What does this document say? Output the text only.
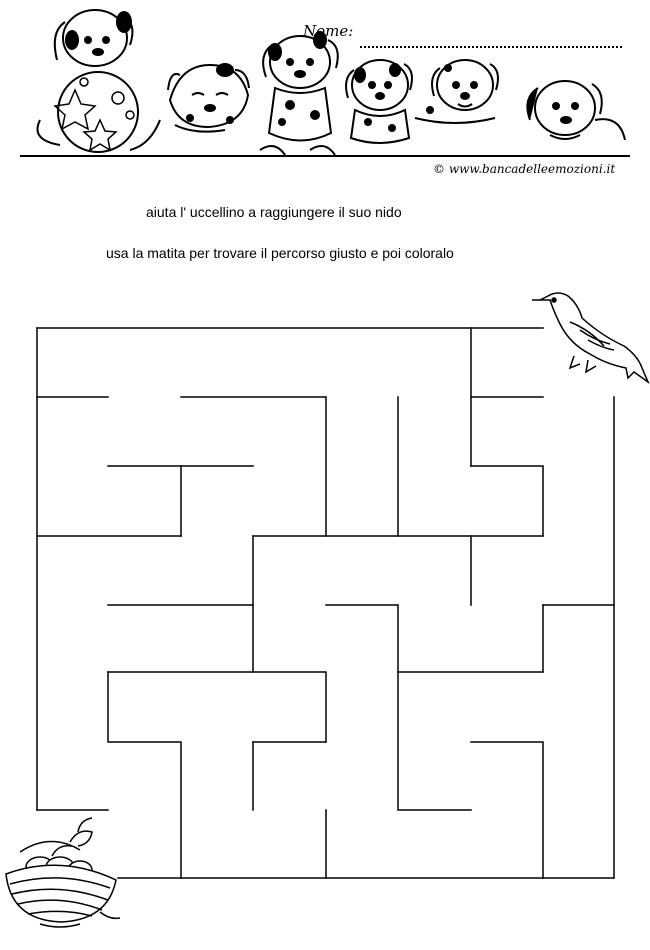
Nome:
© www.bancadelleemozioni.it
aiuta l' uccellino a raggiungere il suo nido
usa la matita per trovare il percorso giusto e poi coloralo
